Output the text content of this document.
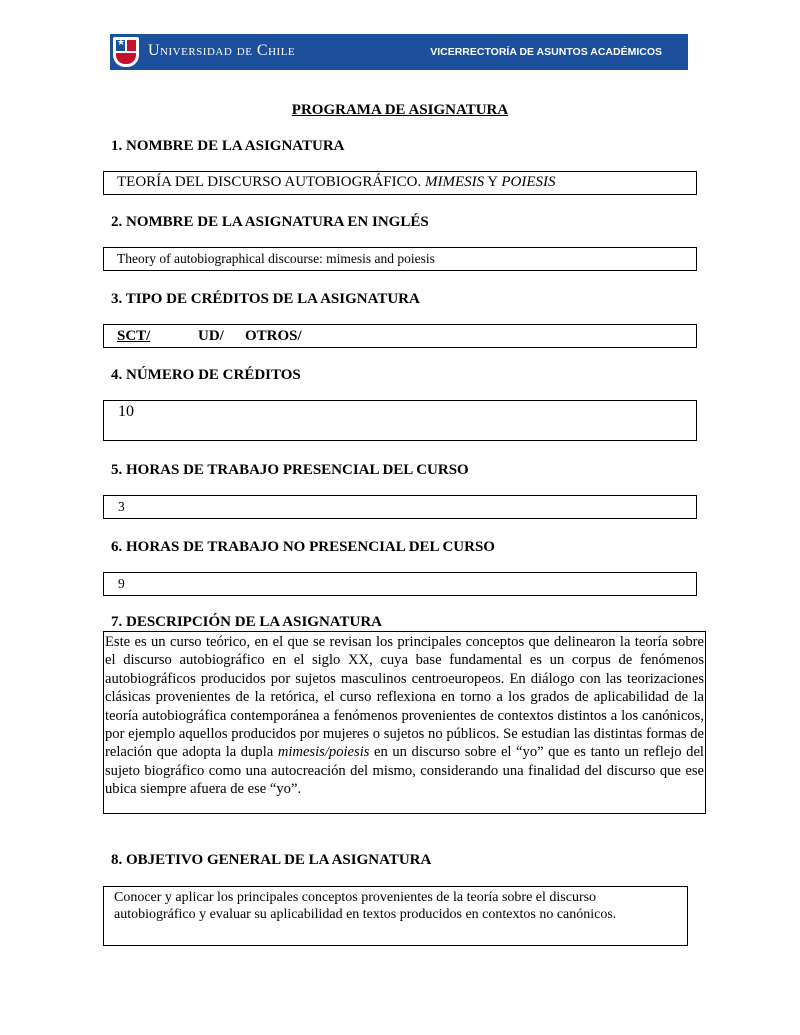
★ Universidad de Chile	VICERRECTORÍA DE ASUNTOS ACADÉMICOS
PROGRAMA DE ASIGNATURA
1. NOMBRE DE LA ASIGNATURA
TEORÍA DEL DISCURSO AUTOBIOGRÁFICO. MIMESIS Y POIESIS
2. NOMBRE DE LA ASIGNATURA EN INGLÉS
Theory of autobiographical discourse: mimesis and poiesis
3. TIPO DE CRÉDITOS DE LA ASIGNATURA
SCT/	UD/ OTROS/
4. NÚMERO DE CRÉDITOS
10
5. HORAS DE TRABAJO PRESENCIAL DEL CURSO
3
6. HORAS DE TRABAJO NO PRESENCIAL DEL CURSO
9
7. DESCRIPCIÓN DE LA ASIGNATURA
Este es un curso teórico, en el que se revisan los principales conceptos que delinearon la teoría sobre el discurso autobiográfico en el siglo XX, cuya base fundamental es un corpus de fenómenos autobiográficos producidos por sujetos masculinos centroeuropeos. En diálogo con las teorizaciones clásicas provenientes de la retórica, el curso reflexiona en torno a los grados de aplicabilidad de la teoría autobiográfica contemporánea a fenómenos provenientes de contextos distintos a los canónicos, por ejemplo aquellos producidos por mujeres o sujetos no públicos. Se estudian las distintas formas de relación que adopta la dupla mimesis/poiesis en un discurso sobre el “yo” que es tanto un reflejo del sujeto biográfico como una autocreación del mismo, considerando una finalidad del discurso que ese ubica siempre afuera de ese “yo”.
8. OBJETIVO GENERAL DE LA ASIGNATURA
Conocer y aplicar los principales conceptos provenientes de la teoría sobre el discurso autobiográfico y evaluar su aplicabilidad en textos producidos en contextos no canónicos.
